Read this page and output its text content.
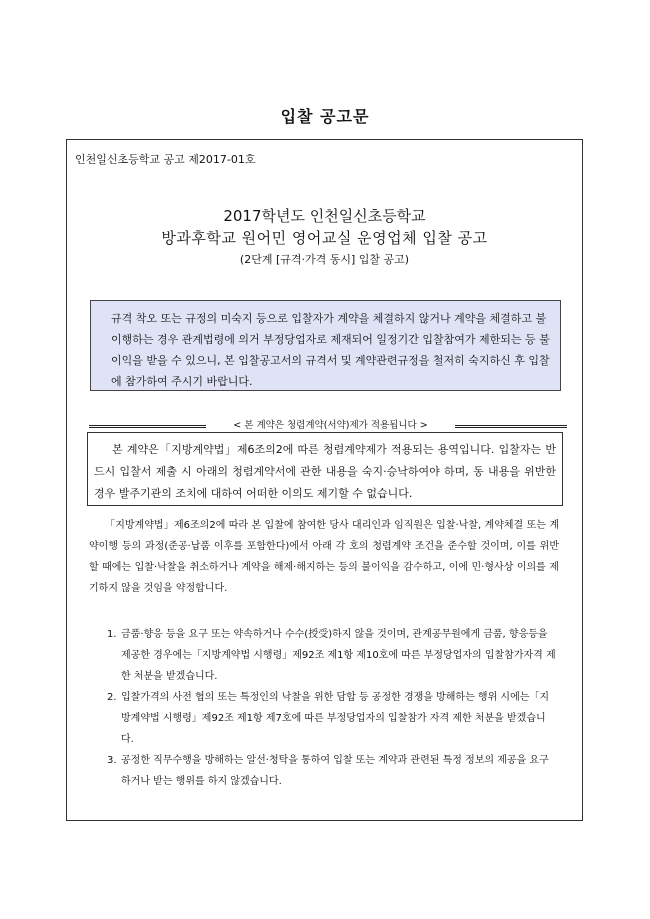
입찰 공고문
인천일신초등학교 공고 제2017-01호
2017학년도 인천일신초등학교
방과후학교 원어민 영어교실 운영업체 입찰 공고
(2단계 [규격·가격 동시] 입찰 공고)

규격 착오 또는 규정의 미숙지 등으로 입찰자가 계약을 체결하지 않거나 계약을 체결하고 불이행하는 경우 관계법령에 의거 부정당업자로 제재되어 일정기간 입찰참여가 제한되는 등 불이익을 받을 수 있으니, 본 입찰공고서의 규격서 및 계약관련규정을 철저히 숙지하신 후 입찰에 참가하여 주시기 바랍니다.

< 본 계약은 청렴계약(서약)제가 적용됩니다 >

본 계약은「지방계약법」제6조의2에 따른 청렴계약제가 적용되는 용역입니다. 입찰자는 반드시 입찰서 제출 시 아래의 청렴계약서에 관한 내용을 숙지·승낙하여야 하며, 동 내용을 위반한 경우 발주기관의 조치에 대하여 어떠한 이의도 제기할 수 없습니다.

「지방계약법」제6조의2에 따라 본 입찰에 참여한 당사 대리인과 임직원은 입찰·낙찰, 계약체결 또는 계약이행 등의 과정(준공·납품 이후를 포함한다)에서 아래 각 호의 청렴계약 조건을 준수할 것이며, 이를 위반할 때에는 입찰·낙찰을 취소하거나 계약을 해제·해지하는 등의 불이익을 감수하고, 이에 민·형사상 이의를 제기하지 않을 것임을 약정합니다.

1. 금품·향응 등을 요구 또는 약속하거나 수수(授受)하지 않을 것이며, 관계공무원에게 금품, 향응등을 제공한 경우에는「지방계약법 시행령」제92조 제1항 제10호에 따른 부정당업자의 입찰참가자격 제한 처분을 받겠습니다.
2. 입찰가격의 사전 협의 또는 특정인의 낙찰을 위한 담합 등 공정한 경쟁을 방해하는 행위 시에는「지방계약법 시행령」제92조 제1항 제7호에 따른 부정당업자의 입찰참가 자격 제한 처분을 받겠습니다.
3. 공정한 직무수행을 방해하는 알선·청탁을 통하여 입찰 또는 계약과 관련된 특정 정보의 제공을 요구하거나 받는 행위를 하지 않겠습니다.
